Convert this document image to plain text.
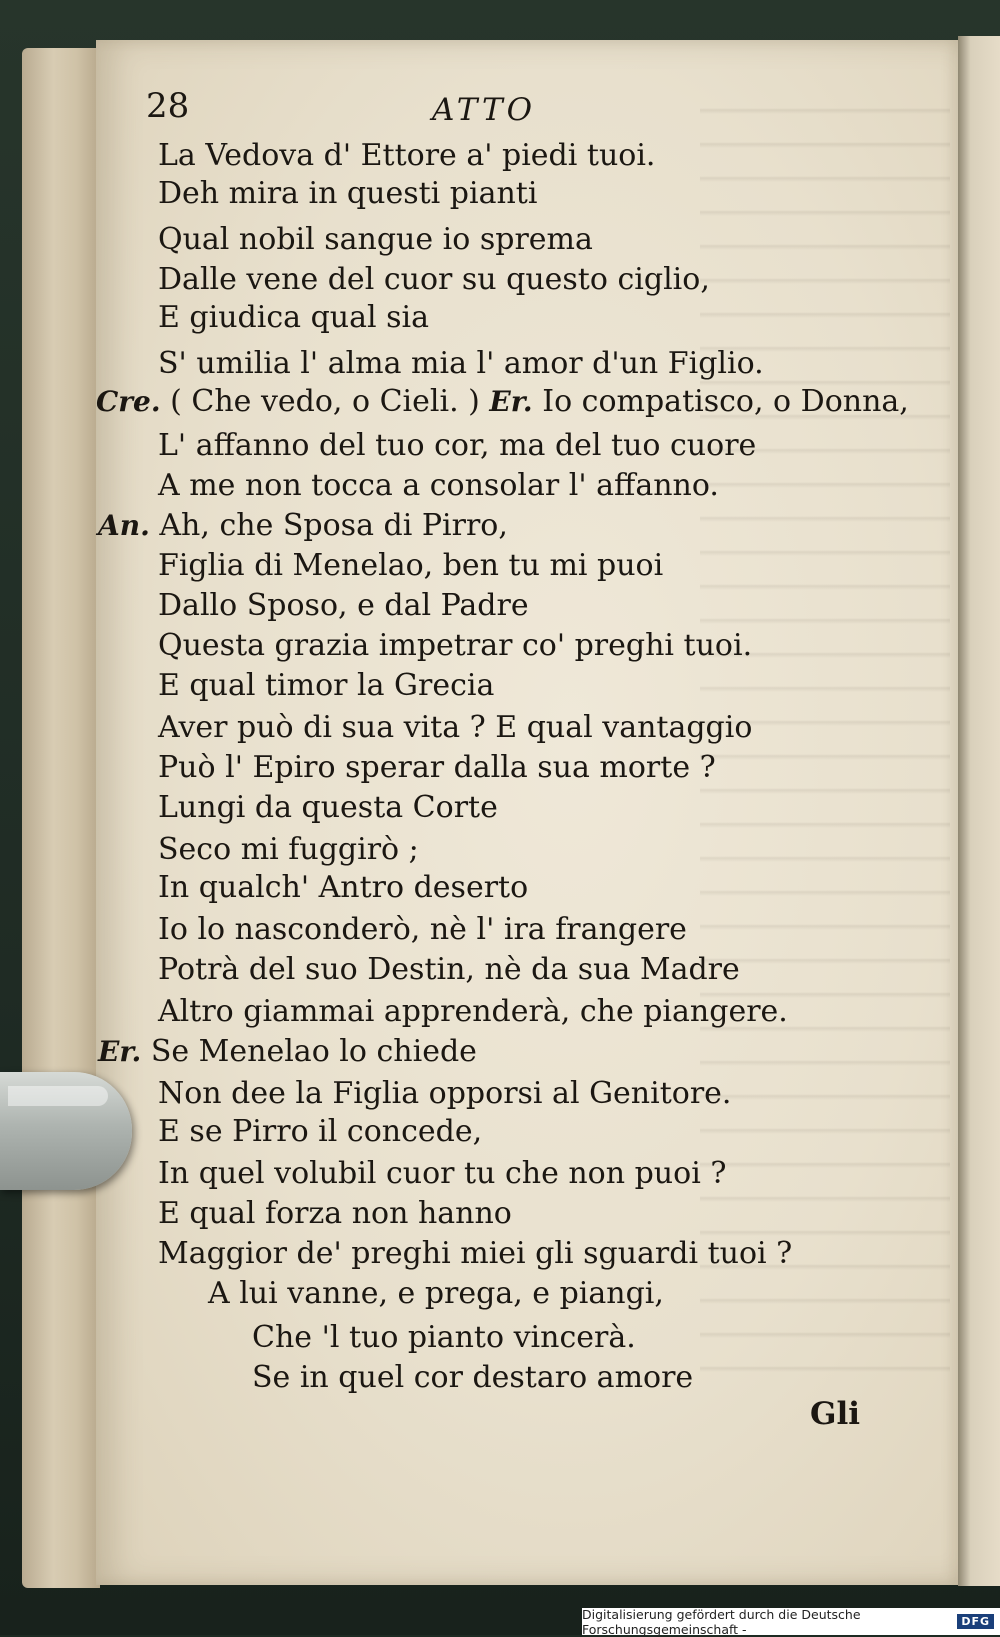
28	ATTO
La Vedova d' Ettore a' piedi tuoi.
Deh mira in questi pianti
Qual nobil sangue io sprema
Dalle vene del cuor su questo ciglio,
E giudica qual sia
S' umilia l' alma mia l' amor d'un Figlio.
Cre. ( Che vedo, o Cieli. ) Er. Io compatisco, o Donna,
L' affanno del tuo cor, ma del tuo cuore
A me non tocca a consolar l' affanno.
An. Ah, che Sposa di Pirro,
Figlia di Menelao, ben tu mi puoi
Dallo Sposo, e dal Padre
Questa grazia impetrar co' preghi tuoi.
E qual timor la Grecia
Aver può di sua vita ? E qual vantaggio
Può l' Epiro sperar dalla sua morte ?
Lungi da questa Corte
Seco mi fuggirò ;
In qualch' Antro deserto
Io lo nasconderò, nè l' ira frangere
Potrà del suo Destin, nè da sua Madre
Altro giammai apprenderà, che piangere.
Er. Se Menelao lo chiede
Non dee la Figlia opporsi al Genitore.
E se Pirro il concede,
In quel volubil cuor tu che non puoi ?
E qual forza non hanno
Maggior de' preghi miei gli sguardi tuoi ?
A lui vanne, e prega, e piangi,
Che 'l tuo pianto vincerà.
Se in quel cor destaro amore
Gli
Digitalisierung gefördert durch die Deutsche Forschungsgemeinschaft -	DFG
